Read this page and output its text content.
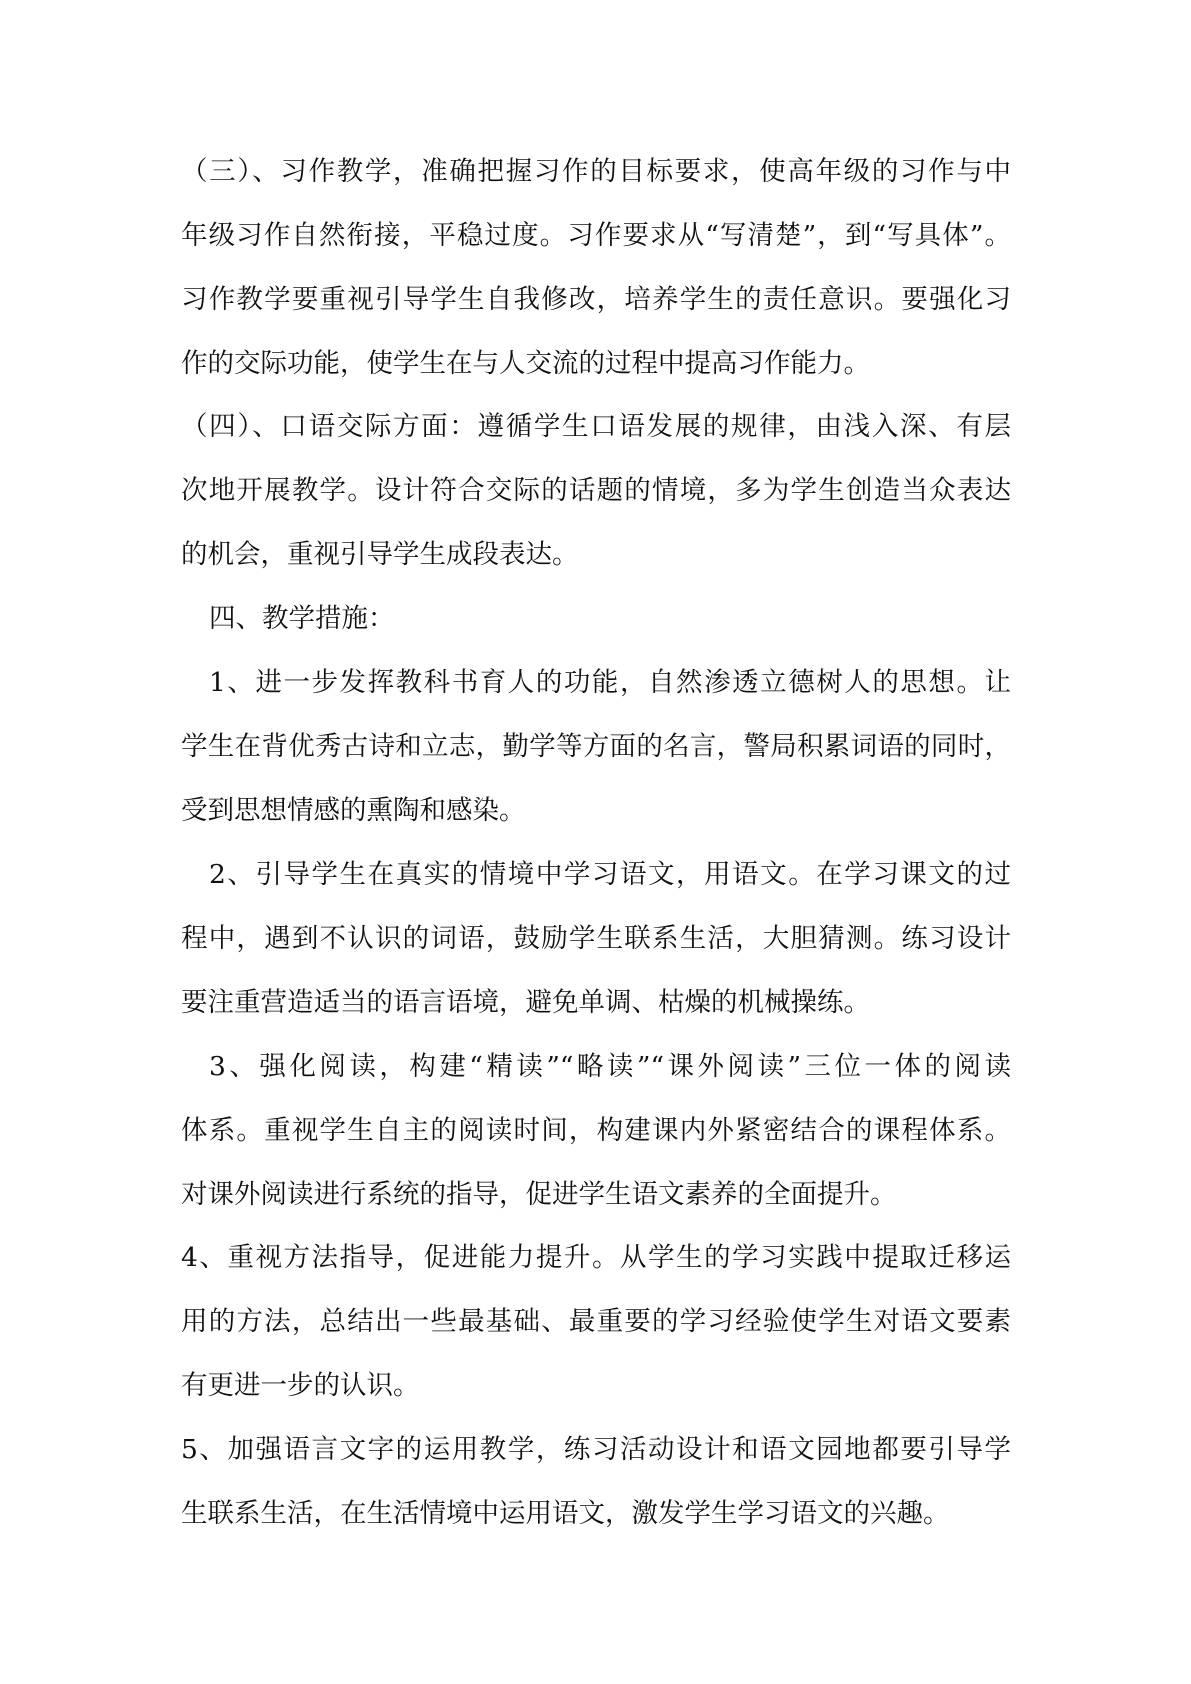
（三）、习作教学，准确把握习作的目标要求，使高年级的习作与中
年级习作自然衔接，平稳过度。习作要求从“写清楚”，到“写具体”。
习作教学要重视引导学生自我修改，培养学生的责任意识。要强化习
作的交际功能，使学生在与人交流的过程中提高习作能力。
（四）、口语交际方面：遵循学生口语发展的规律，由浅入深、有层
次地开展教学。设计符合交际的话题的情境，多为学生创造当众表达
的机会，重视引导学生成段表达。
四、教学措施：
1、进一步发挥教科书育人的功能，自然渗透立德树人的思想。让
学生在背优秀古诗和立志，勤学等方面的名言，警局积累词语的同时，
受到思想情感的熏陶和感染。
2、引导学生在真实的情境中学习语文，用语文。在学习课文的过
程中，遇到不认识的词语，鼓励学生联系生活，大胆猜测。练习设计
要注重营造适当的语言语境，避免单调、枯燥的机械操练。
3、强化阅读，构建“精读”“略读”“课外阅读”三位一体的阅读
体系。重视学生自主的阅读时间，构建课内外紧密结合的课程体系。
对课外阅读进行系统的指导，促进学生语文素养的全面提升。
4、重视方法指导，促进能力提升。从学生的学习实践中提取迁移运
用的方法，总结出一些最基础、最重要的学习经验使学生对语文要素
有更进一步的认识。
5、加强语言文字的运用教学，练习活动设计和语文园地都要引导学
生联系生活，在生活情境中运用语文，激发学生学习语文的兴趣。
